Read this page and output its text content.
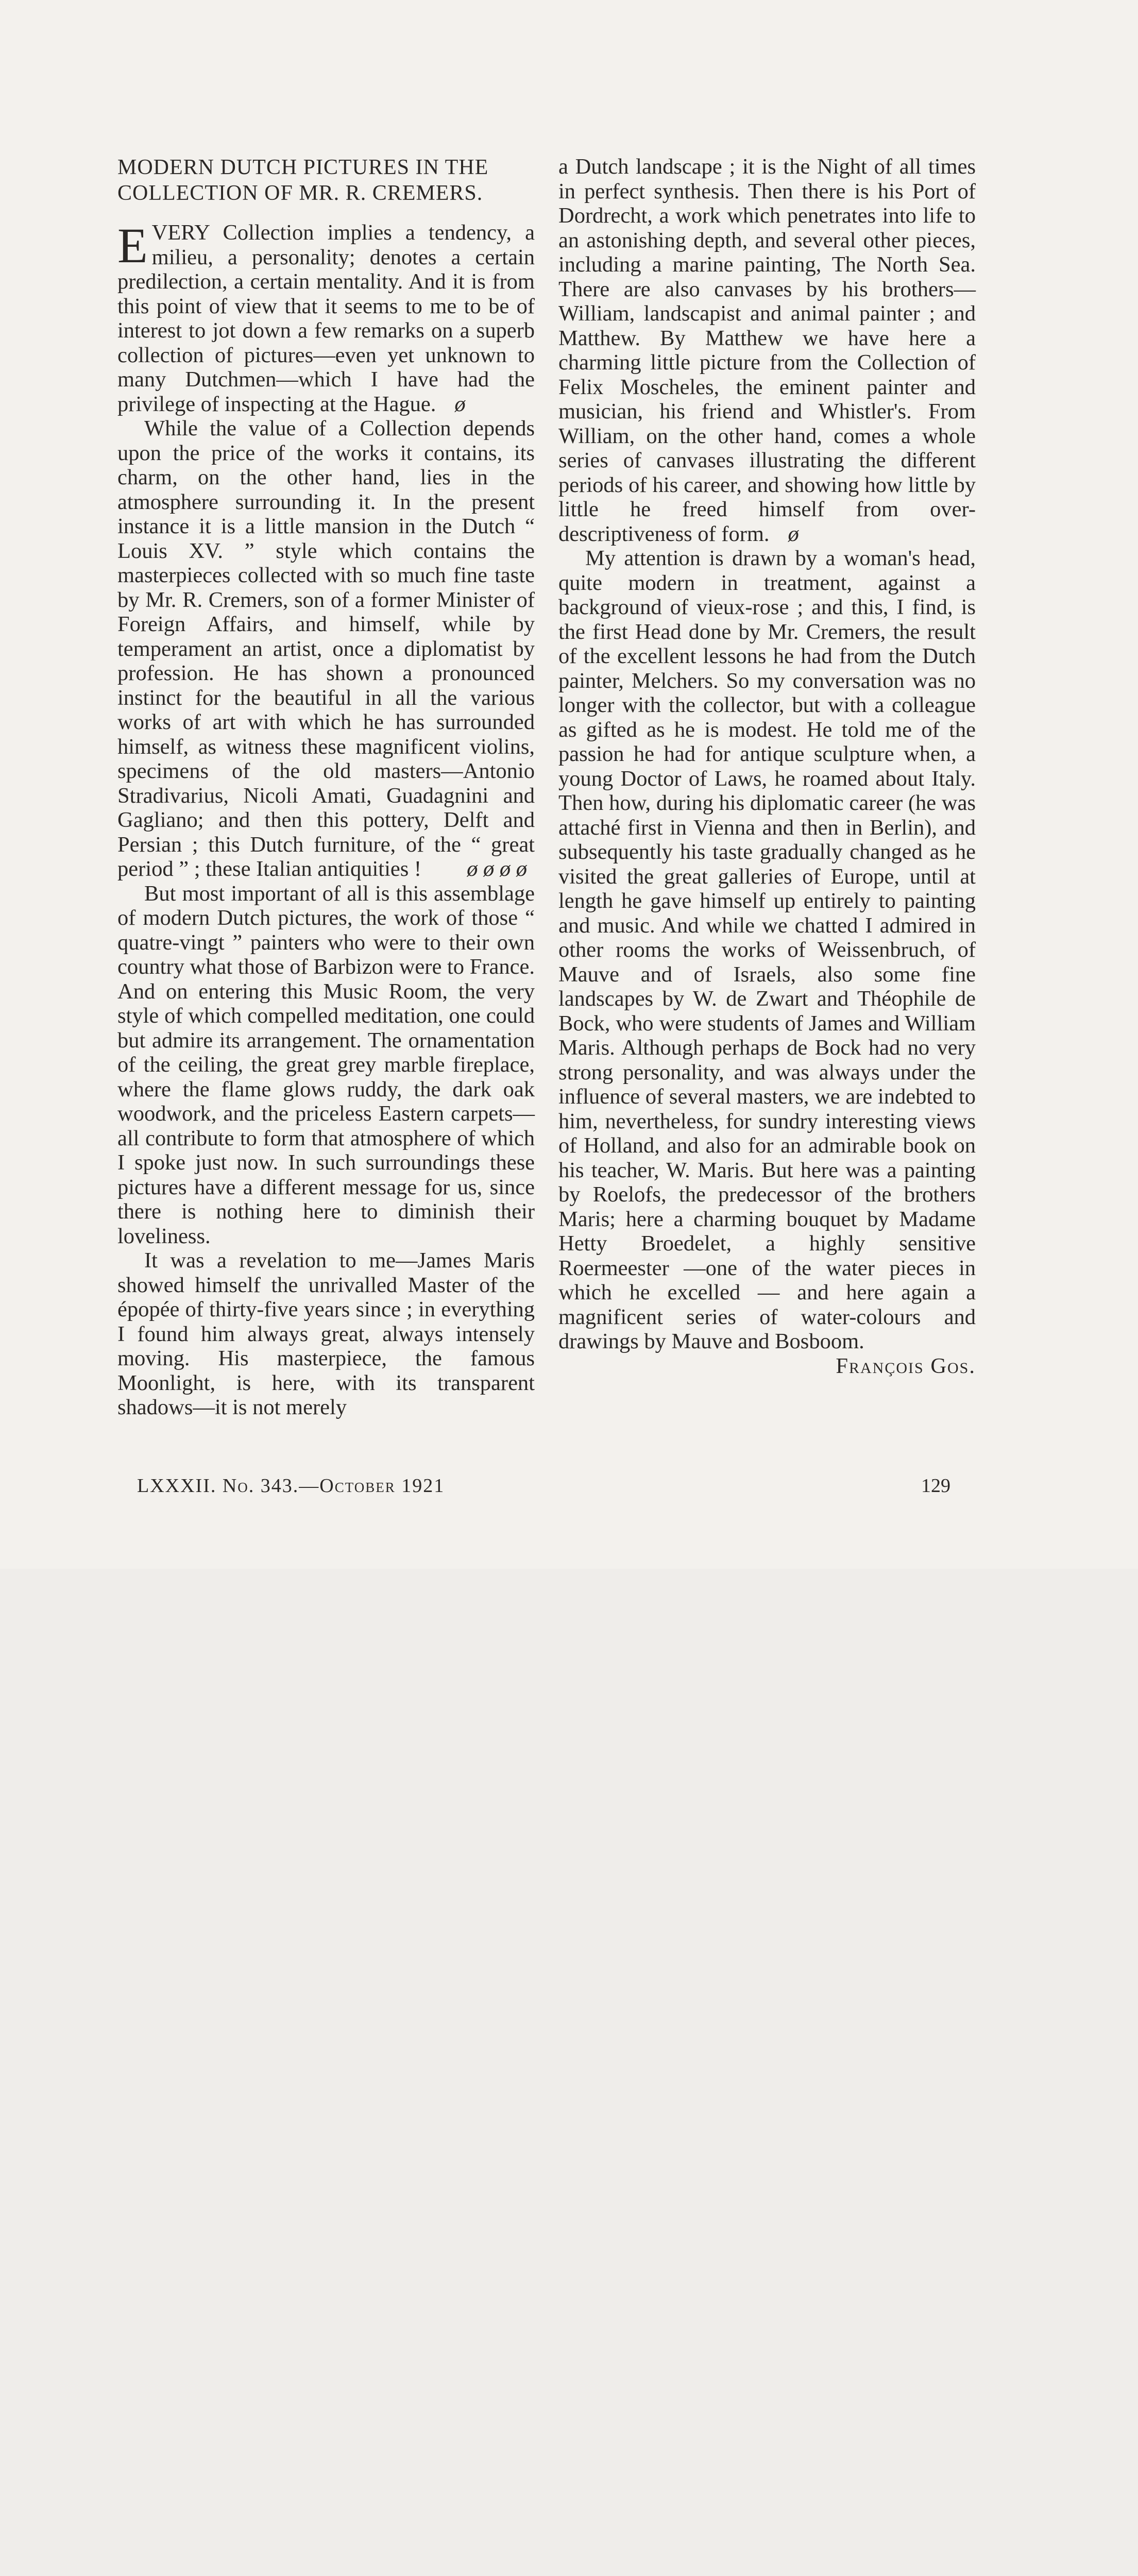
MODERN DUTCH PICTURES IN THE COLLECTION OF MR. R. CREMERS.

EVERY Collection implies a tendency, a milieu, a personality; denotes a certain predilection, a certain mentality. And it is from this point of view that it seems to me to be of interest to jot down a few remarks on a superb collection of pictures—even yet unknown to many Dutchmen—which I have had the privilege of inspecting at the Hague. ø

While the value of a Collection depends upon the price of the works it contains, its charm, on the other hand, lies in the atmosphere surrounding it. In the present instance it is a little mansion in the Dutch “ Louis XV. ” style which contains the masterpieces collected with so much fine taste by Mr. R. Cremers, son of a former Minister of Foreign Affairs, and himself, while by temperament an artist, once a diplomatist by profession. He has shown a pronounced instinct for the beautiful in all the various works of art with which he has surrounded himself, as witness these magnificent violins, specimens of the old masters—Antonio Stradivarius, Nicoli Amati, Guadagnini and Gagliano; and then this pottery, Delft and Persian ; this Dutch furniture, of the “ great period ” ; these Italian antiquities ! ø ø ø ø

But most important of all is this assemblage of modern Dutch pictures, the work of those “ quatre-vingt ” painters who were to their own country what those of Barbizon were to France. And on entering this Music Room, the very style of which compelled meditation, one could but admire its arrangement. The ornamentation of the ceiling, the great grey marble fireplace, where the flame glows ruddy, the dark oak woodwork, and the priceless Eastern carpets—all contribute to form that atmosphere of which I spoke just now. In such surroundings these pictures have a different message for us, since there is nothing here to diminish their loveliness.

It was a revelation to me—James Maris showed himself the unrivalled Master of the épopée of thirty-five years since ; in everything I found him always great, always intensely moving. His masterpiece, the famous Moonlight, is here, with its transparent shadows—it is not merely

a Dutch landscape ; it is the Night of all times in perfect synthesis. Then there is his Port of Dordrecht, a work which penetrates into life to an astonishing depth, and several other pieces, including a marine painting, The North Sea. There are also canvases by his brothers—William, landscapist and animal painter ; and Matthew. By Matthew we have here a charming little picture from the Collection of Felix Moscheles, the eminent painter and musician, his friend and Whistler's. From William, on the other hand, comes a whole series of canvases illustrating the different periods of his career, and showing how little by little he freed himself from over-descriptiveness of form. ø

My attention is drawn by a woman's head, quite modern in treatment, against a background of vieux-rose ; and this, I find, is the first Head done by Mr. Cremers, the result of the excellent lessons he had from the Dutch painter, Melchers. So my conversation was no longer with the collector, but with a colleague as gifted as he is modest. He told me of the passion he had for antique sculpture when, a young Doctor of Laws, he roamed about Italy. Then how, during his diplomatic career (he was attaché first in Vienna and then in Berlin), and subsequently his taste gradually changed as he visited the great galleries of Europe, until at length he gave himself up entirely to painting and music. And while we chatted I admired in other rooms the works of Weissenbruch, of Mauve and of Israels, also some fine landscapes by W. de Zwart and Théophile de Bock, who were students of James and William Maris. Although perhaps de Bock had no very strong personality, and was always under the influence of several masters, we are indebted to him, nevertheless, for sundry interesting views of Holland, and also for an admirable book on his teacher, W. Maris. But here was a painting by Roelofs, the predecessor of the brothers Maris; here a charming bouquet by Madame Hetty Broedelet, a highly sensitive Roermeester —one of the water pieces in which he excelled — and here again a magnificent series of water-colours and drawings by Mauve and Bosboom.

François Gos.

LXXXII. No. 343.—October 1921	129
